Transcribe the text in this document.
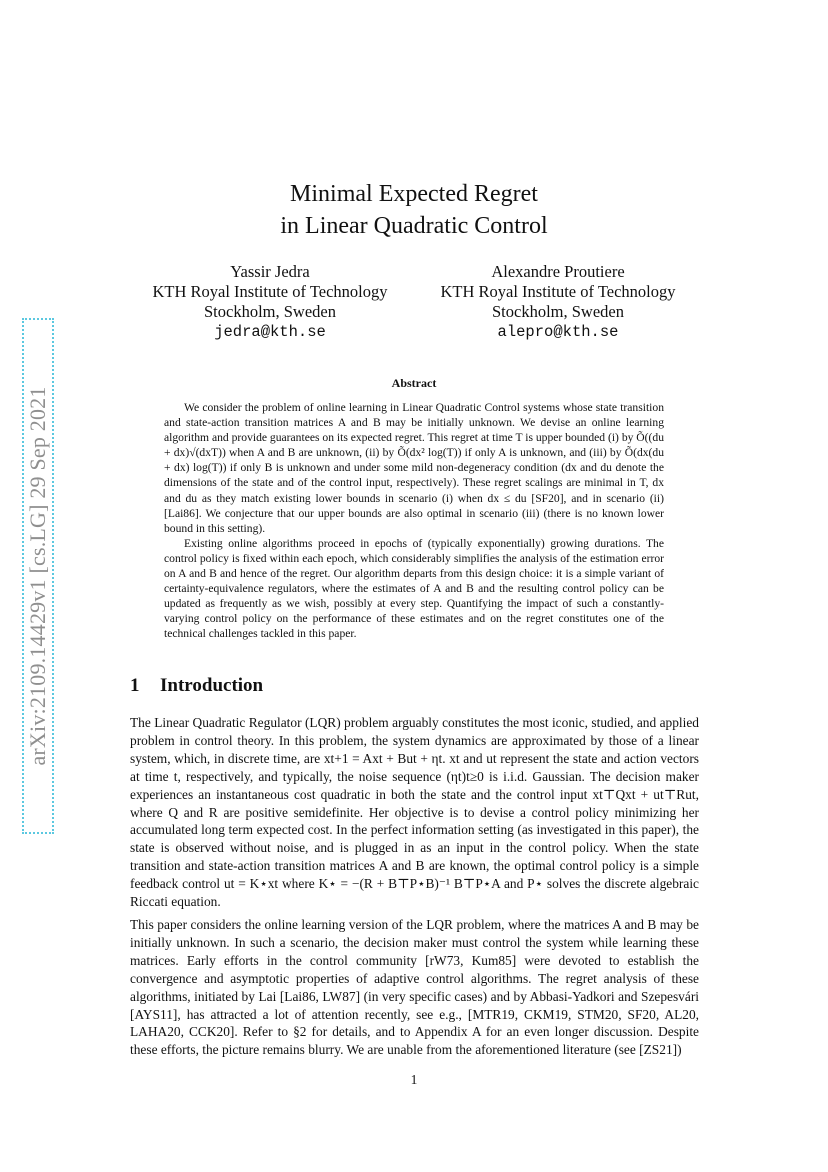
arXiv:2109.14429v1 [cs.LG] 29 Sep 2021
Minimal Expected Regret
in Linear Quadratic Control
Yassir Jedra
KTH Royal Institute of Technology
Stockholm, Sweden
jedra@kth.se
Alexandre Proutiere
KTH Royal Institute of Technology
Stockholm, Sweden
alepro@kth.se
Abstract

We consider the problem of online learning in Linear Quadratic Control systems whose state transition and state-action transition matrices A and B may be initially unknown. We devise an online learning algorithm and provide guarantees on its expected regret. This regret at time T is upper bounded (i) by Õ((du + dx)√(dxT)) when A and B are unknown, (ii) by Õ(dx² log(T)) if only A is unknown, and (iii) by Õ(dx(du + dx) log(T)) if only B is unknown and under some mild non-degeneracy condition (dx and du denote the dimensions of the state and of the control input, respectively). These regret scalings are minimal in T, dx and du as they match existing lower bounds in scenario (i) when dx ≤ du [SF20], and in scenario (ii) [Lai86]. We conjecture that our upper bounds are also optimal in scenario (iii) (there is no known lower bound in this setting).

Existing online algorithms proceed in epochs of (typically exponentially) growing durations. The control policy is fixed within each epoch, which considerably simplifies the analysis of the estimation error on A and B and hence of the regret. Our algorithm departs from this design choice: it is a simple variant of certainty-equivalence regulators, where the estimates of A and B and the resulting control policy can be updated as frequently as we wish, possibly at every step. Quantifying the impact of such a constantly-varying control policy on the performance of these estimates and on the regret constitutes one of the technical challenges tackled in this paper.

1 Introduction

The Linear Quadratic Regulator (LQR) problem arguably constitutes the most iconic, studied, and applied problem in control theory. In this problem, the system dynamics are approximated by those of a linear system, which, in discrete time, are xt+1 = Axt + But + ηt. xt and ut represent the state and action vectors at time t, respectively, and typically, the noise sequence (ηt)t≥0 is i.i.d. Gaussian. The decision maker experiences an instantaneous cost quadratic in both the state and the control input xt⊤Qxt + ut⊤Rut, where Q and R are positive semidefinite. Her objective is to devise a control policy minimizing her accumulated long term expected cost. In the perfect information setting (as investigated in this paper), the state is observed without noise, and is plugged in as an input in the control policy. When the state transition and state-action transition matrices A and B are known, the optimal control policy is a simple feedback control ut = K⋆xt where K⋆ = −(R + B⊤P⋆B)⁻¹ B⊤P⋆A and P⋆ solves the discrete algebraic Riccati equation.

This paper considers the online learning version of the LQR problem, where the matrices A and B may be initially unknown. In such a scenario, the decision maker must control the system while learning these matrices. Early efforts in the control community [rW73, Kum85] were devoted to establish the convergence and asymptotic properties of adaptive control algorithms. The regret analysis of these algorithms, initiated by Lai [Lai86, LW87] (in very specific cases) and by Abbasi-Yadkori and Szepesvári [AYS11], has attracted a lot of attention recently, see e.g., [MTR19, CKM19, STM20, SF20, AL20, LAHA20, CCK20]. Refer to §2 for details, and to Appendix A for an even longer discussion. Despite these efforts, the picture remains blurry. We are unable from the aforementioned literature (see [ZS21])

1
